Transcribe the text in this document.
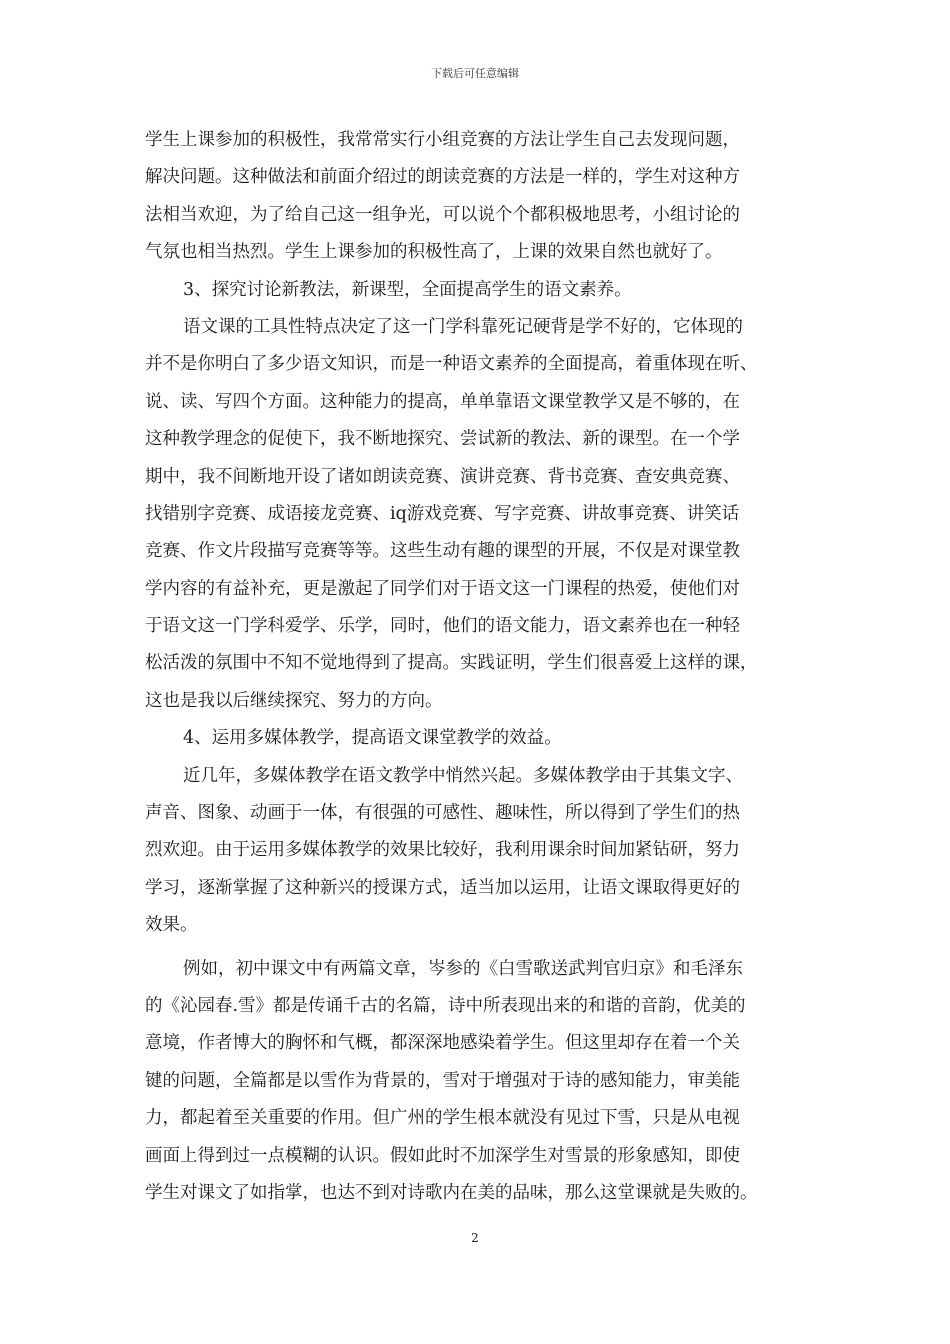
下载后可任意编辑
学生上课参加的积极性，我常常实行小组竞赛的方法让学生自己去发现问题，
解决问题。这种做法和前面介绍过的朗读竞赛的方法是一样的，学生对这种方
法相当欢迎，为了给自己这一组争光，可以说个个都积极地思考，小组讨论的
气氛也相当热烈。学生上课参加的积极性高了，上课的效果自然也就好了。
3、探究讨论新教法，新课型，全面提高学生的语文素养。
语文课的工具性特点决定了这一门学科靠死记硬背是学不好的，它体现的
并不是你明白了多少语文知识，而是一种语文素养的全面提高，着重体现在听、
说、读、写四个方面。这种能力的提高，单单靠语文课堂教学又是不够的，在
这种教学理念的促使下，我不断地探究、尝试新的教法、新的课型。在一个学
期中，我不间断地开设了诸如朗读竞赛、演讲竞赛、背书竞赛、查安典竞赛、
找错别字竞赛、成语接龙竞赛、iq游戏竞赛、写字竞赛、讲故事竞赛、讲笑话
竞赛、作文片段描写竞赛等等。这些生动有趣的课型的开展，不仅是对课堂教
学内容的有益补充，更是激起了同学们对于语文这一门课程的热爱，使他们对
于语文这一门学科爱学、乐学，同时，他们的语文能力，语文素养也在一种轻
松活泼的氛围中不知不觉地得到了提高。实践证明，学生们很喜爱上这样的课，
这也是我以后继续探究、努力的方向。
4、运用多媒体教学，提高语文课堂教学的效益。
近几年，多媒体教学在语文教学中悄然兴起。多媒体教学由于其集文字、
声音、图象、动画于一体，有很强的可感性、趣味性，所以得到了学生们的热
烈欢迎。由于运用多媒体教学的效果比较好，我利用课余时间加紧钻研，努力
学习，逐渐掌握了这种新兴的授课方式，适当加以运用，让语文课取得更好的
效果。
例如，初中课文中有两篇文章，岑参的《白雪歌送武判官归京》和毛泽东
的《沁园春.雪》都是传诵千古的名篇，诗中所表现出来的和谐的音韵，优美的
意境，作者博大的胸怀和气概，都深深地感染着学生。但这里却存在着一个关
键的问题，全篇都是以雪作为背景的，雪对于增强对于诗的感知能力，审美能
力，都起着至关重要的作用。但广州的学生根本就没有见过下雪，只是从电视
画面上得到过一点模糊的认识。假如此时不加深学生对雪景的形象感知，即使
学生对课文了如指掌，也达不到对诗歌内在美的品味，那么这堂课就是失败的。
2
